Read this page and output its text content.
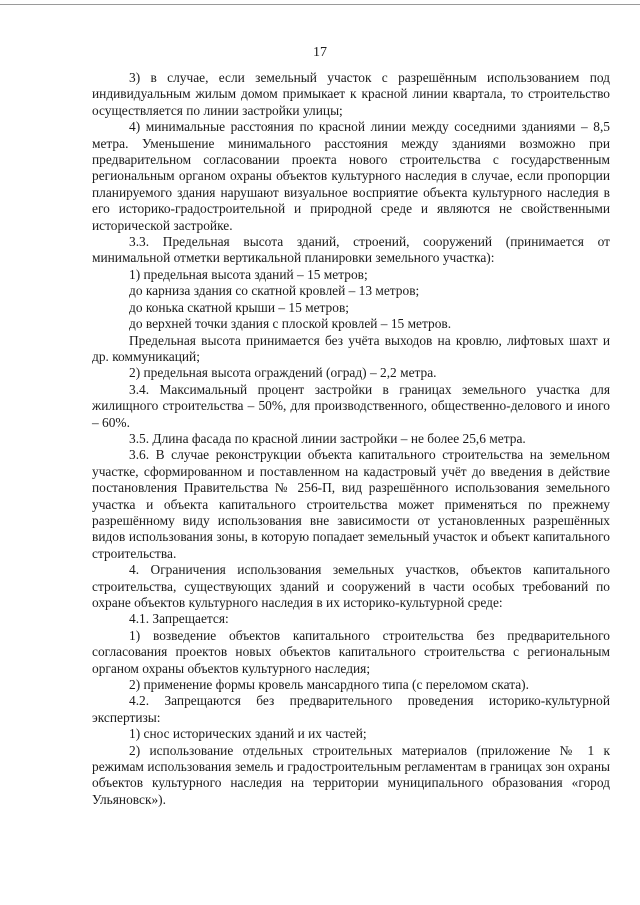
17

3) в случае, если земельный участок с разрешённым использованием под индивидуальным жилым домом примыкает к красной линии квартала, то строительство осуществляется по линии застройки улицы;

4) минимальные расстояния по красной линии между соседними зданиями – 8,5 метра. Уменьшение минимального расстояния между зданиями возможно при предварительном согласовании проекта нового строительства с государственным региональным органом охраны объектов культурного наследия в случае, если пропорции планируемого здания нарушают визуальное восприятие объекта культурного наследия в его историко-градостроительной и природной среде и являются не свойственными исторической застройке.

3.3. Предельная высота зданий, строений, сооружений (принимается от минимальной отметки вертикальной планировки земельного участка):

1) предельная высота зданий – 15 метров;

до карниза здания со скатной кровлей – 13 метров;

до конька скатной крыши – 15 метров;

до верхней точки здания с плоской кровлей – 15 метров.

Предельная высота принимается без учёта выходов на кровлю, лифтовых шахт и др. коммуникаций;

2) предельная высота ограждений (оград) – 2,2 метра.

3.4. Максимальный процент застройки в границах земельного участка для жилищного строительства – 50%, для производственного, общественно-делового и иного – 60%.

3.5. Длина фасада по красной линии застройки – не более 25,6 метра.

3.6. В случае реконструкции объекта капитального строительства на земельном участке, сформированном и поставленном на кадастровый учёт до введения в действие постановления Правительства № 256-П, вид разрешённого использования земельного участка и объекта капитального строительства может применяться по прежнему разрешённому виду использования вне зависимости от установленных разрешённых видов использования зоны, в которую попадает земельный участок и объект капитального строительства.

4. Ограничения использования земельных участков, объектов капитального строительства, существующих зданий и сооружений в части особых требований по охране объектов культурного наследия в их историко-культурной среде:

4.1. Запрещается:

1) возведение объектов капитального строительства без предварительного согласования проектов новых объектов капитального строительства с региональным органом охраны объектов культурного наследия;

2) применение формы кровель мансардного типа (с переломом ската).

4.2. Запрещаются без предварительного проведения историко-культурной экспертизы:

1) снос исторических зданий и их частей;

2) использование отдельных строительных материалов (приложение № 1 к режимам использования земель и градостроительным регламентам в границах зон охраны объектов культурного наследия на территории муниципального образования «город Ульяновск»).
